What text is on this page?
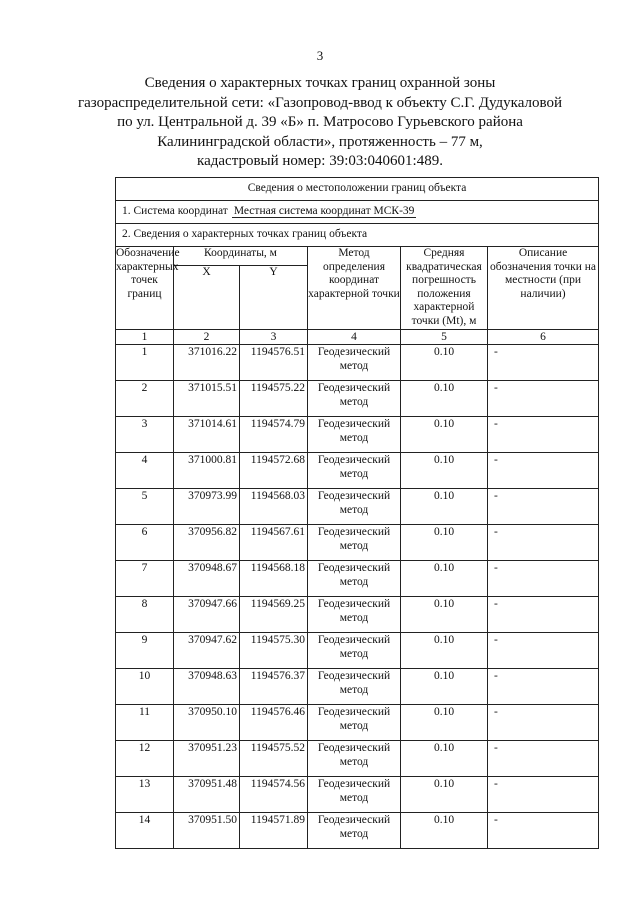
3
Сведения о характерных точках границ охранной зоны
газораспределительной сети: «Газопровод-ввод к объекту С.Г. Дудукаловой
по ул. Центральной д. 39 «Б» п. Матросово Гурьевского района
Калининградской области», протяженность – 77 м,
кадастровый номер: 39:03:040601:489.
Сведения о местоположении границ объекта					
1. Система координат Местная система координат МСК-39					
2. Сведения о характерных точках границ объекта					
Обозначение характерных точек границ	Координаты, м		Метод определения координат характерной точки	Средняя квадратическая погрешность положения характерной точки (Mt), м	Описание обозначения точки на местности (при наличии)
	X	Y			
1	2	3	4	5	6
1	371016.22	1194576.51	Геодезический метод	0.10	-
2	371015.51	1194575.22	Геодезический метод	0.10	-
3	371014.61	1194574.79	Геодезический метод	0.10	-
4	371000.81	1194572.68	Геодезический метод	0.10	-
5	370973.99	1194568.03	Геодезический метод	0.10	-
6	370956.82	1194567.61	Геодезический метод	0.10	-
7	370948.67	1194568.18	Геодезический метод	0.10	-
8	370947.66	1194569.25	Геодезический метод	0.10	-
9	370947.62	1194575.30	Геодезический метод	0.10	-
10	370948.63	1194576.37	Геодезический метод	0.10	-
11	370950.10	1194576.46	Геодезический метод	0.10	-
12	370951.23	1194575.52	Геодезический метод	0.10	-
13	370951.48	1194574.56	Геодезический метод	0.10	-
14	370951.50	1194571.89	Геодезический метод	0.10	-
